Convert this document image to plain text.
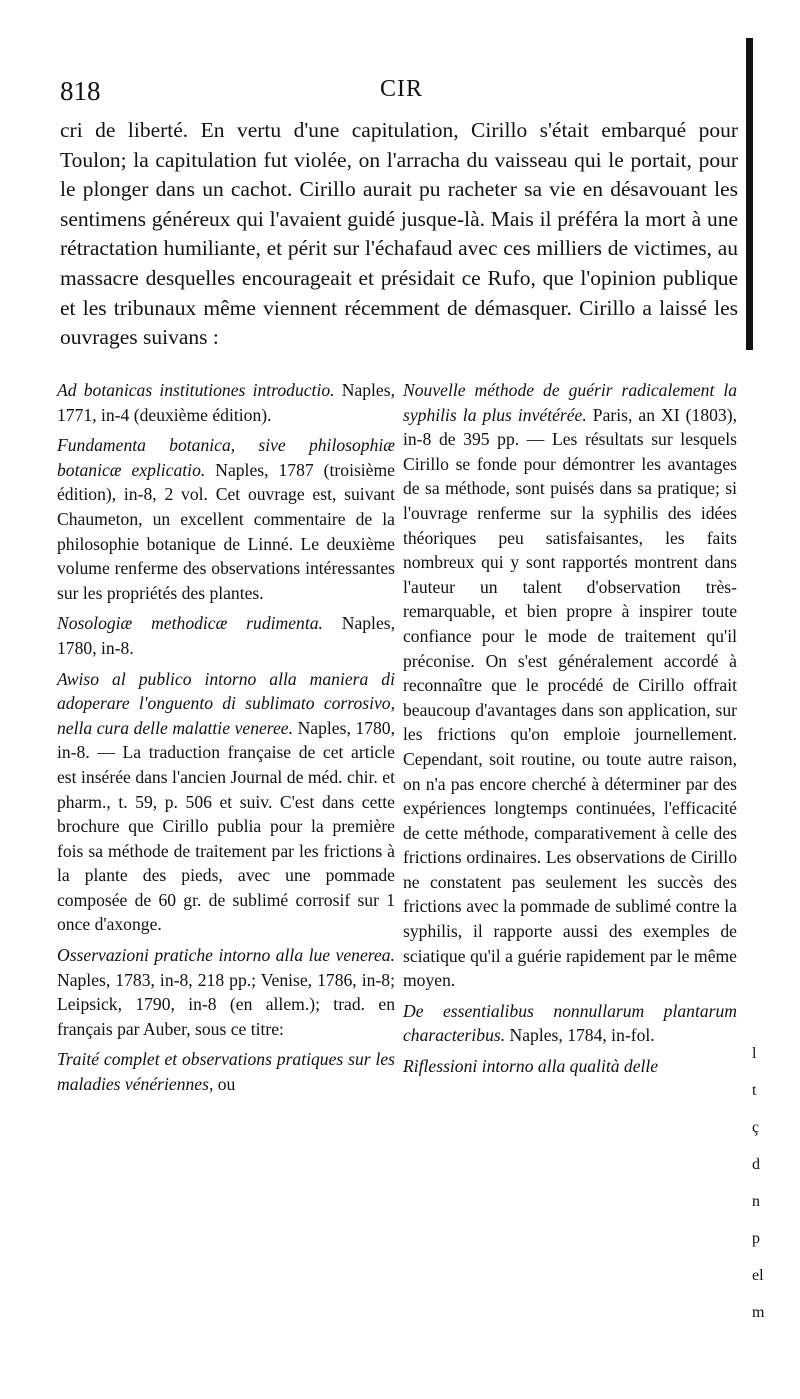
818	CIR

cri de liberté. En vertu d'une capitulation, Cirillo s'était embarqué pour Toulon; la capitulation fut violée, on l'arracha du vaisseau qui le portait, pour le plonger dans un cachot. Cirillo aurait pu racheter sa vie en désavouant les sentimens généreux qui l'avaient guidé jusque-là. Mais il préféra la mort à une rétractation humiliante, et périt sur l'échafaud avec ces milliers de victimes, au massacre desquelles encourageait et présidait ce Rufo, que l'opinion publique et les tribunaux même viennent récemment de démasquer. Cirillo a laissé les ouvrages suivans :

Ad botanicas institutiones introductio. Naples, 1771, in-4 (deuxième édition).

Fundamenta botanica, sive philosophiæ botanicæ explicatio. Naples, 1787 (troisième édition), in-8, 2 vol. Cet ouvrage est, suivant Chaumeton, un excellent commentaire de la philosophie botanique de Linné. Le deuxième volume renferme des observations intéressantes sur les propriétés des plantes.

Nosologiæ methodicæ rudimenta. Naples, 1780, in-8.

Awiso al publico intorno alla maniera di adoperare l'onguento di sublimato corrosivo, nella cura delle malattie veneree. Naples, 1780, in-8. — La traduction française de cet article est insérée dans l'ancien Journal de méd. chir. et pharm., t. 59, p. 506 et suiv. C'est dans cette brochure que Cirillo publia pour la première fois sa méthode de traitement par les frictions à la plante des pieds, avec une pommade composée de 60 gr. de sublimé corrosif sur 1 once d'axonge.

Osservazioni pratiche intorno alla lue venerea. Naples, 1783, in-8, 218 pp.; Venise, 1786, in-8; Leipsick, 1790, in-8 (en allem.); trad. en français par Auber, sous ce titre:

Traité complet et observations pratiques sur les maladies vénériennes, ou

Nouvelle méthode de guérir radicalement la syphilis la plus invétérée. Paris, an XI (1803), in-8 de 395 pp. — Les résultats sur lesquels Cirillo se fonde pour démontrer les avantages de sa méthode, sont puisés dans sa pratique; si l'ouvrage renferme sur la syphilis des idées théoriques peu satisfaisantes, les faits nombreux qui y sont rapportés montrent dans l'auteur un talent d'observation très-remarquable, et bien propre à inspirer toute confiance pour le mode de traitement qu'il préconise. On s'est généralement accordé à reconnaître que le procédé de Cirillo offrait beaucoup d'avantages dans son application, sur les frictions qu'on emploie journellement. Cependant, soit routine, ou toute autre raison, on n'a pas encore cherché à déterminer par des expériences longtemps continuées, l'efficacité de cette méthode, comparativement à celle des frictions ordinaires. Les observations de Cirillo ne constatent pas seulement les succès des frictions avec la pommade de sublimé contre la syphilis, il rapporte aussi des exemples de sciatique qu'il a guérie rapidement par le même moyen.

De essentialibus nonnullarum plantarum characteribus. Naples, 1784, in-fol.

Riflessioni intorno alla qualità delle

l
t
ç
d
n
p
el
m
